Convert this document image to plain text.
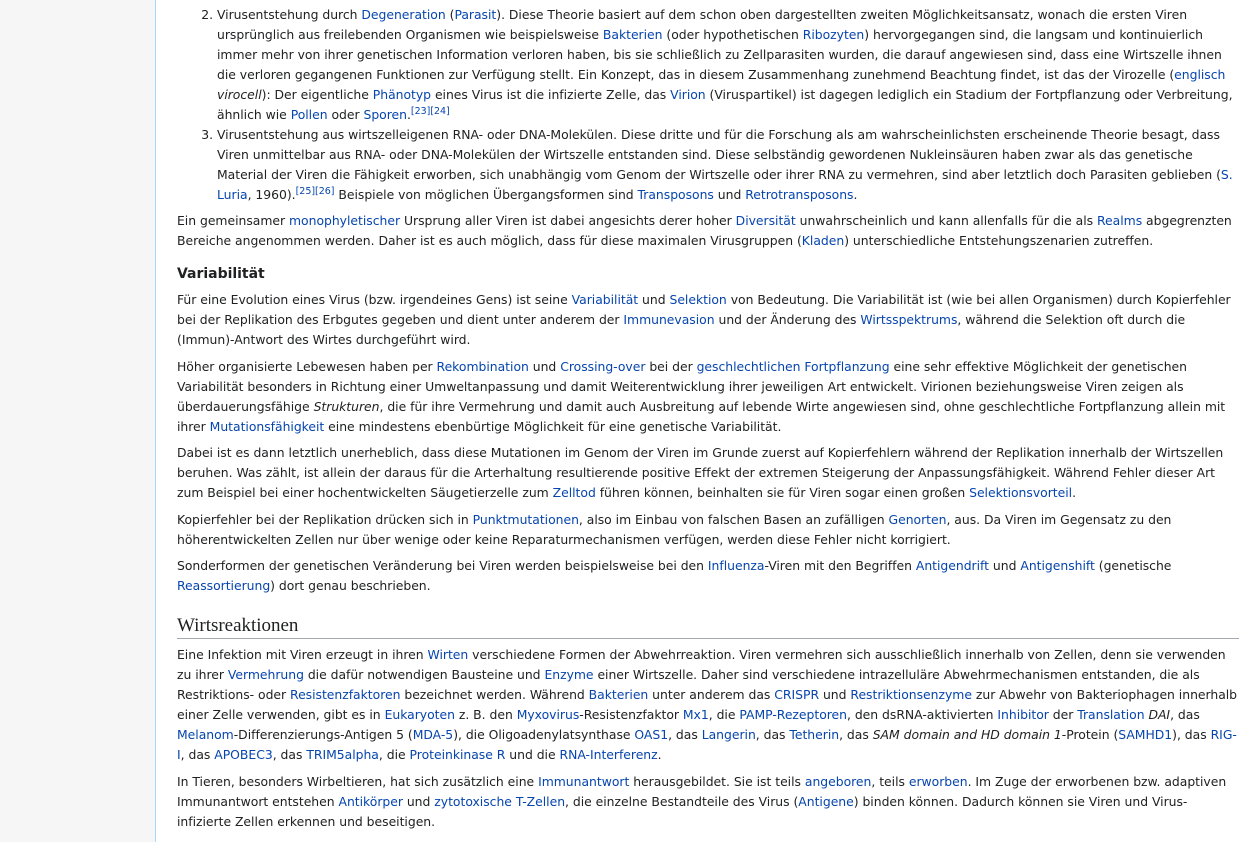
2. Virusentstehung durch Degeneration (Parasit). Diese Theorie basiert auf dem schon oben dargestellten zweiten Möglichkeitsansatz, wonach die ersten Viren ursprünglich aus freilebenden Organismen wie beispielsweise Bakterien (oder hypothetischen Ribozyten) hervorgegangen sind, die langsam und kontinuierlich immer mehr von ihrer genetischen Information verloren haben, bis sie schließlich zu Zellparasiten wurden, die darauf angewiesen sind, dass eine Wirtszelle ihnen die verloren gegangenen Funktionen zur Verfügung stellt. Ein Konzept, das in diesem Zusammenhang zunehmend Beachtung findet, ist das der Virozelle (englisch virocell): Der eigentliche Phänotyp eines Virus ist die infizierte Zelle, das Virion (Viruspartikel) ist dagegen lediglich ein Stadium der Fortpflanzung oder Verbreitung, ähnlich wie Pollen oder Sporen.[23][24]
3. Virusentstehung aus wirtszelleigenen RNA- oder DNA-Molekülen. Diese dritte und für die Forschung als am wahrscheinlichsten erscheinende Theorie besagt, dass Viren unmittelbar aus RNA- oder DNA-Molekülen der Wirtszelle entstanden sind. Diese selbständig gewordenen Nukleinsäuren haben zwar als das genetische Material der Viren die Fähigkeit erworben, sich unabhängig vom Genom der Wirtszelle oder ihrer RNA zu vermehren, sind aber letztlich doch Parasiten geblieben (S. Luria, 1960).[25][26] Beispiele von möglichen Übergangsformen sind Transposons und Retrotransposons.

Ein gemeinsamer monophyletischer Ursprung aller Viren ist dabei angesichts derer hoher Diversität unwahrscheinlich und kann allenfalls für die als Realms abgegrenzten Bereiche angenommen werden. Daher ist es auch möglich, dass für diese maximalen Virusgruppen (Kladen) unterschiedliche Entstehungszenarien zutreffen.

Variabilität

Für eine Evolution eines Virus (bzw. irgendeines Gens) ist seine Variabilität und Selektion von Bedeutung. Die Variabilität ist (wie bei allen Organismen) durch Kopierfehler bei der Replikation des Erbgutes gegeben und dient unter anderem der Immunevasion und der Änderung des Wirtsspektrums, während die Selektion oft durch die (Immun)-Antwort des Wirtes durchgeführt wird.

Höher organisierte Lebewesen haben per Rekombination und Crossing-over bei der geschlechtlichen Fortpflanzung eine sehr effektive Möglichkeit der genetischen Variabilität besonders in Richtung einer Umweltanpassung und damit Weiterentwicklung ihrer jeweiligen Art entwickelt. Virionen beziehungsweise Viren zeigen als überdauerungsfähige Strukturen, die für ihre Vermehrung und damit auch Ausbreitung auf lebende Wirte angewiesen sind, ohne geschlechtliche Fortpflanzung allein mit ihrer Mutationsfähigkeit eine mindestens ebenbürtige Möglichkeit für eine genetische Variabilität.

Dabei ist es dann letztlich unerheblich, dass diese Mutationen im Genom der Viren im Grunde zuerst auf Kopierfehlern während der Replikation innerhalb der Wirtszellen beruhen. Was zählt, ist allein der daraus für die Arterhaltung resultierende positive Effekt der extremen Steigerung der Anpassungsfähigkeit. Während Fehler dieser Art zum Beispiel bei einer hochentwickelten Säugetierzelle zum Zelltod führen können, beinhalten sie für Viren sogar einen großen Selektionsvorteil.

Kopierfehler bei der Replikation drücken sich in Punktmutationen, also im Einbau von falschen Basen an zufälligen Genorten, aus. Da Viren im Gegensatz zu den höherentwickelten Zellen nur über wenige oder keine Reparaturmechanismen verfügen, werden diese Fehler nicht korrigiert.

Sonderformen der genetischen Veränderung bei Viren werden beispielsweise bei den Influenza-Viren mit den Begriffen Antigendrift und Antigenshift (genetische Reassortierung) dort genau beschrieben.

Wirtsreaktionen

Eine Infektion mit Viren erzeugt in ihren Wirten verschiedene Formen der Abwehrreaktion. Viren vermehren sich ausschließlich innerhalb von Zellen, denn sie verwenden zu ihrer Vermehrung die dafür notwendigen Bausteine und Enzyme einer Wirtszelle. Daher sind verschiedene intrazelluläre Abwehrmechanismen entstanden, die als Restriktions- oder Resistenzfaktoren bezeichnet werden. Während Bakterien unter anderem das CRISPR und Restriktionsenzyme zur Abwehr von Bakteriophagen innerhalb einer Zelle verwenden, gibt es in Eukaryoten z. B. den Myxovirus-Resistenzfaktor Mx1, die PAMP-Rezeptoren, den dsRNA-aktivierten Inhibitor der Translation DAI, das Melanom-Differenzierungs-Antigen 5 (MDA-5), die Oligoadenylatsynthase OAS1, das Langerin, das Tetherin, das SAM domain and HD domain 1-Protein (SAMHD1), das RIG-I, das APOBEC3, das TRIM5alpha, die Proteinkinase R und die RNA-Interferenz.

In Tieren, besonders Wirbeltieren, hat sich zusätzlich eine Immunantwort herausgebildet. Sie ist teils angeboren, teils erworben. Im Zuge der erworbenen bzw. adaptiven Immunantwort entstehen Antikörper und zytotoxische T-Zellen, die einzelne Bestandteile des Virus (Antigene) binden können. Dadurch können sie Viren und Virus-infizierte Zellen erkennen und beseitigen.
